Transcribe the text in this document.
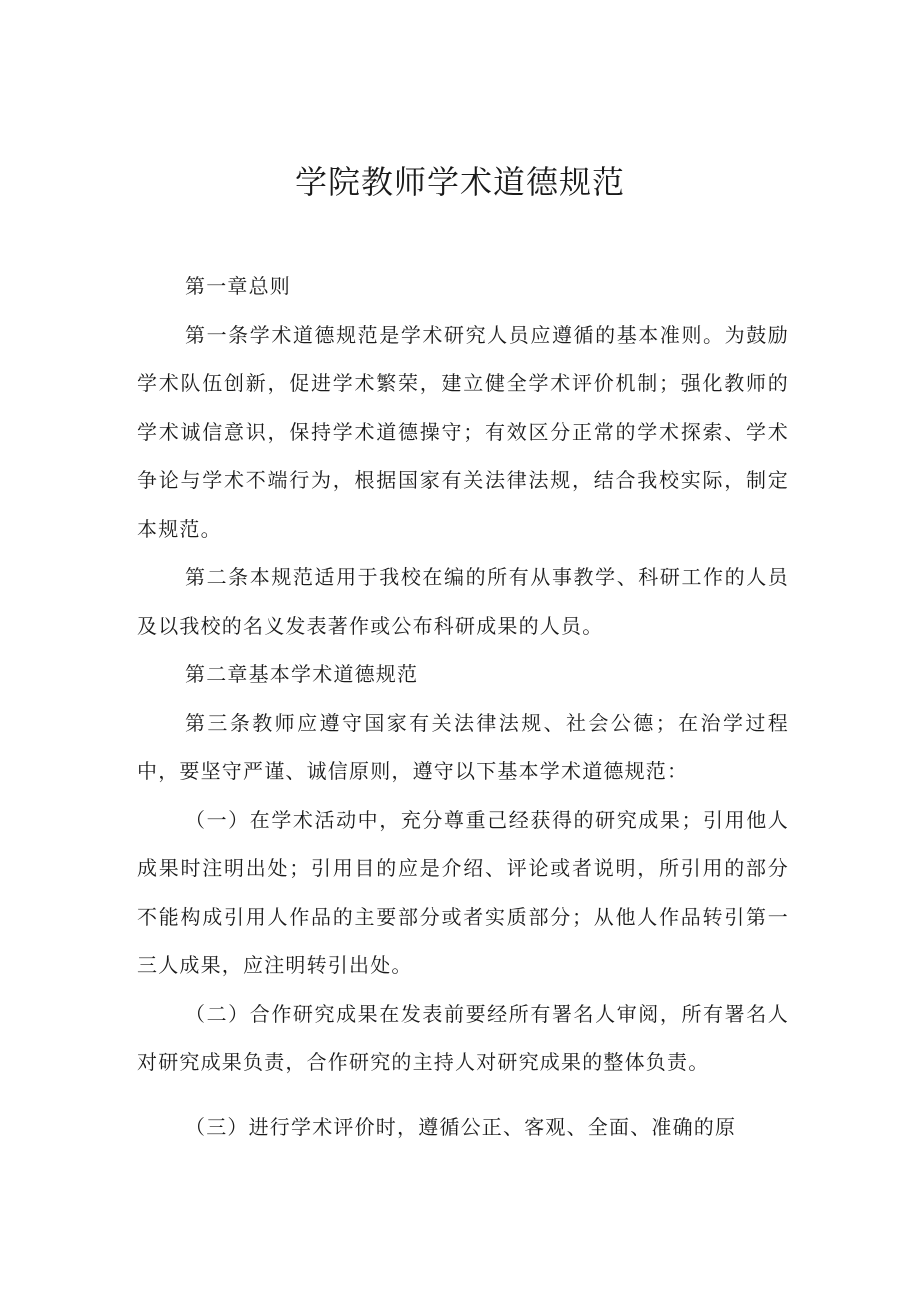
学院教师学术道德规范

第一章总则

第一条学术道德规范是学术研究人员应遵循的基本准则。为鼓励学术队伍创新，促进学术繁荣，建立健全学术评价机制；强化教师的学术诚信意识，保持学术道德操守；有效区分正常的学术探索、学术争论与学术不端行为，根据国家有关法律法规，结合我校实际，制定本规范。

第二条本规范适用于我校在编的所有从事教学、科研工作的人员及以我校的名义发表著作或公布科研成果的人员。

第二章基本学术道德规范

第三条教师应遵守国家有关法律法规、社会公德；在治学过程中，要坚守严谨、诚信原则，遵守以下基本学术道德规范：

（一）在学术活动中，充分尊重己经获得的研究成果；引用他人成果时注明出处；引用目的应是介绍、评论或者说明，所引用的部分不能构成引用人作品的主要部分或者实质部分；从他人作品转引第一三人成果，应注明转引出处。

（二）合作研究成果在发表前要经所有署名人审阅，所有署名人对研究成果负责，合作研究的主持人对研究成果的整体负责。

（三）进行学术评价时，遵循公正、客观、全面、准确的原
